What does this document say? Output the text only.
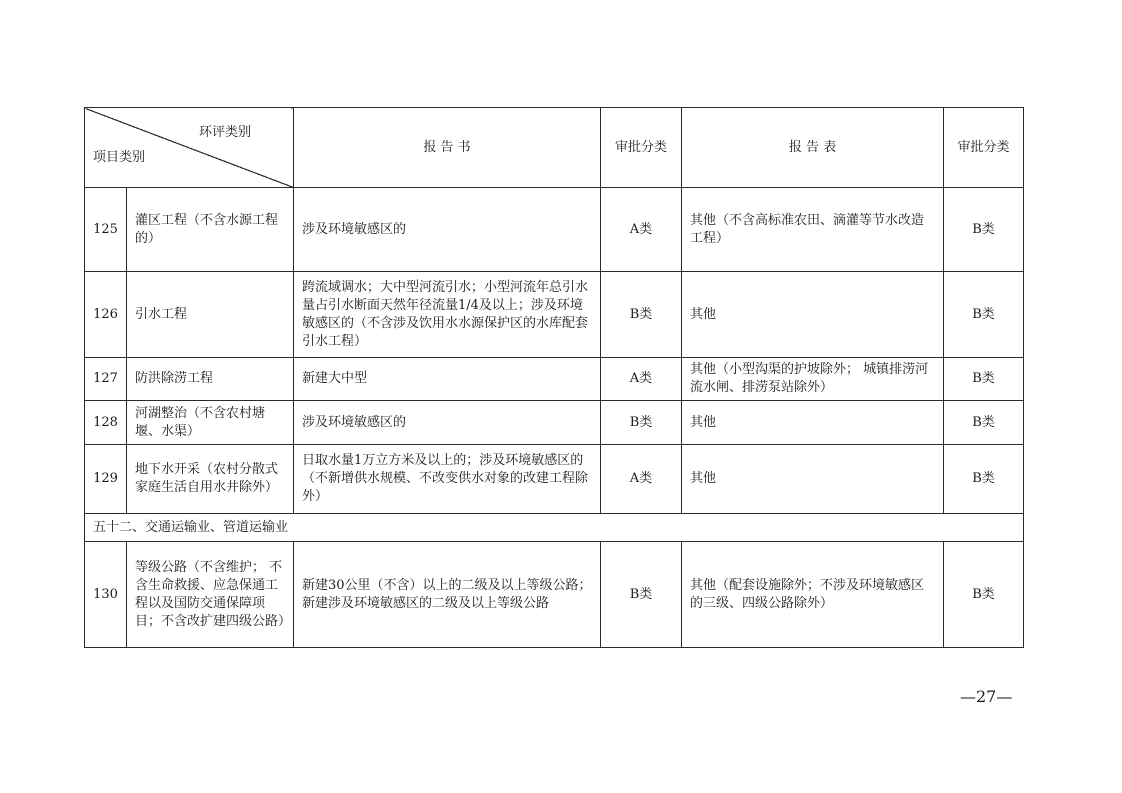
环评类别
项目类别		报 告 书	审批分类	报 告 表	审批分类
125	灌区工程（不含水源工程的）	涉及环境敏感区的	A类	其他（不含高标准农田、滴灌等节水改造工程）	B类
126	引水工程	跨流域调水；大中型河流引水；小型河流年总引水量占引水断面天然年径流量1/4及以上；涉及环境敏感区的（不含涉及饮用水水源保护区的水库配套引水工程）	B类	其他	B类
127	防洪除涝工程	新建大中型	A类	其他（小型沟渠的护坡除外； 城镇排涝河流水闸、排涝泵站除外）	B类
128	河湖整治（不含农村塘堰、水渠）	涉及环境敏感区的	B类	其他	B类
129	地下水开采（农村分散式家庭生活自用水井除外）	日取水量1万立方米及以上的；涉及环境敏感区的（不新增供水规模、不改变供水对象的改建工程除外）	A类	其他	B类
五十二、交通运输业、管道运输业					
130	等级公路（不含维护； 不含生命救援、应急保通工程以及国防交通保障项目；不含改扩建四级公路）	新建30公里（不含）以上的二级及以上等级公路；新建涉及环境敏感区的二级及以上等级公路	B类	其他（配套设施除外；不涉及环境敏感区的三级、四级公路除外）	B类
—27—
